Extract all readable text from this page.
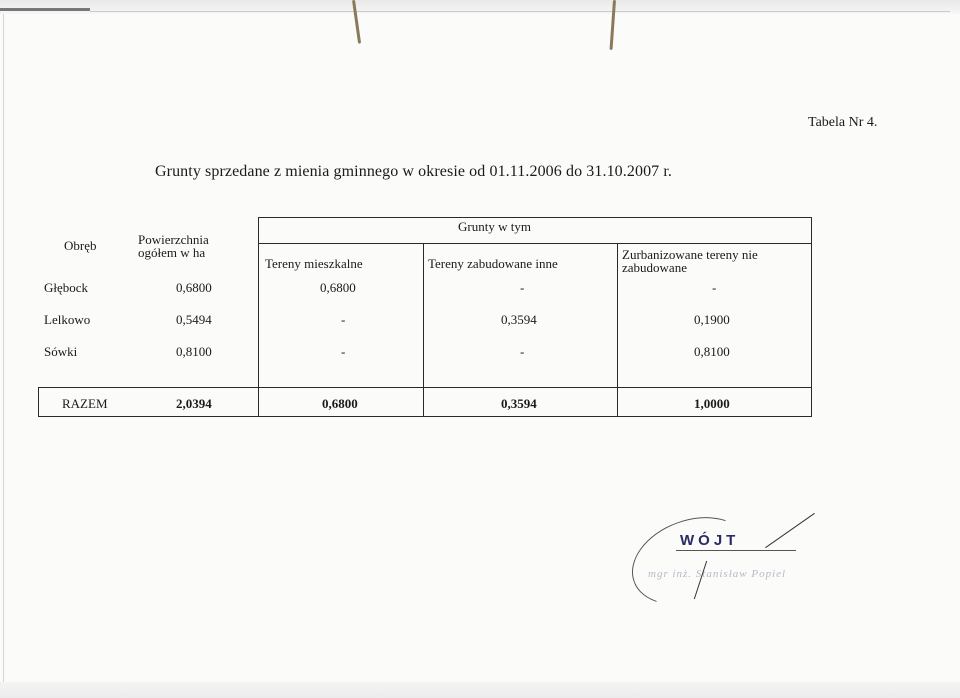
Tabela Nr 4.
Grunty sprzedane z mienia gminnego w okresie od 01.11.2006 do 31.10.2007 r.
Obręb	Powierzchnia
ogółem w ha
Grunty w tym
Tereny mieszkalne	Tereny zabudowane inne
Zurbanizowane tereny nie
zabudowane
Głębock	0,6800	0,6800	-	-
Lelkowo	0,5494	-	0,3594	0,1900
Sówki	0,8100	-	-	0,8100
RAZEM	2,0394	0,6800	0,3594	1,0000
WÓJT
mgr inż. Stanisław Popiel
